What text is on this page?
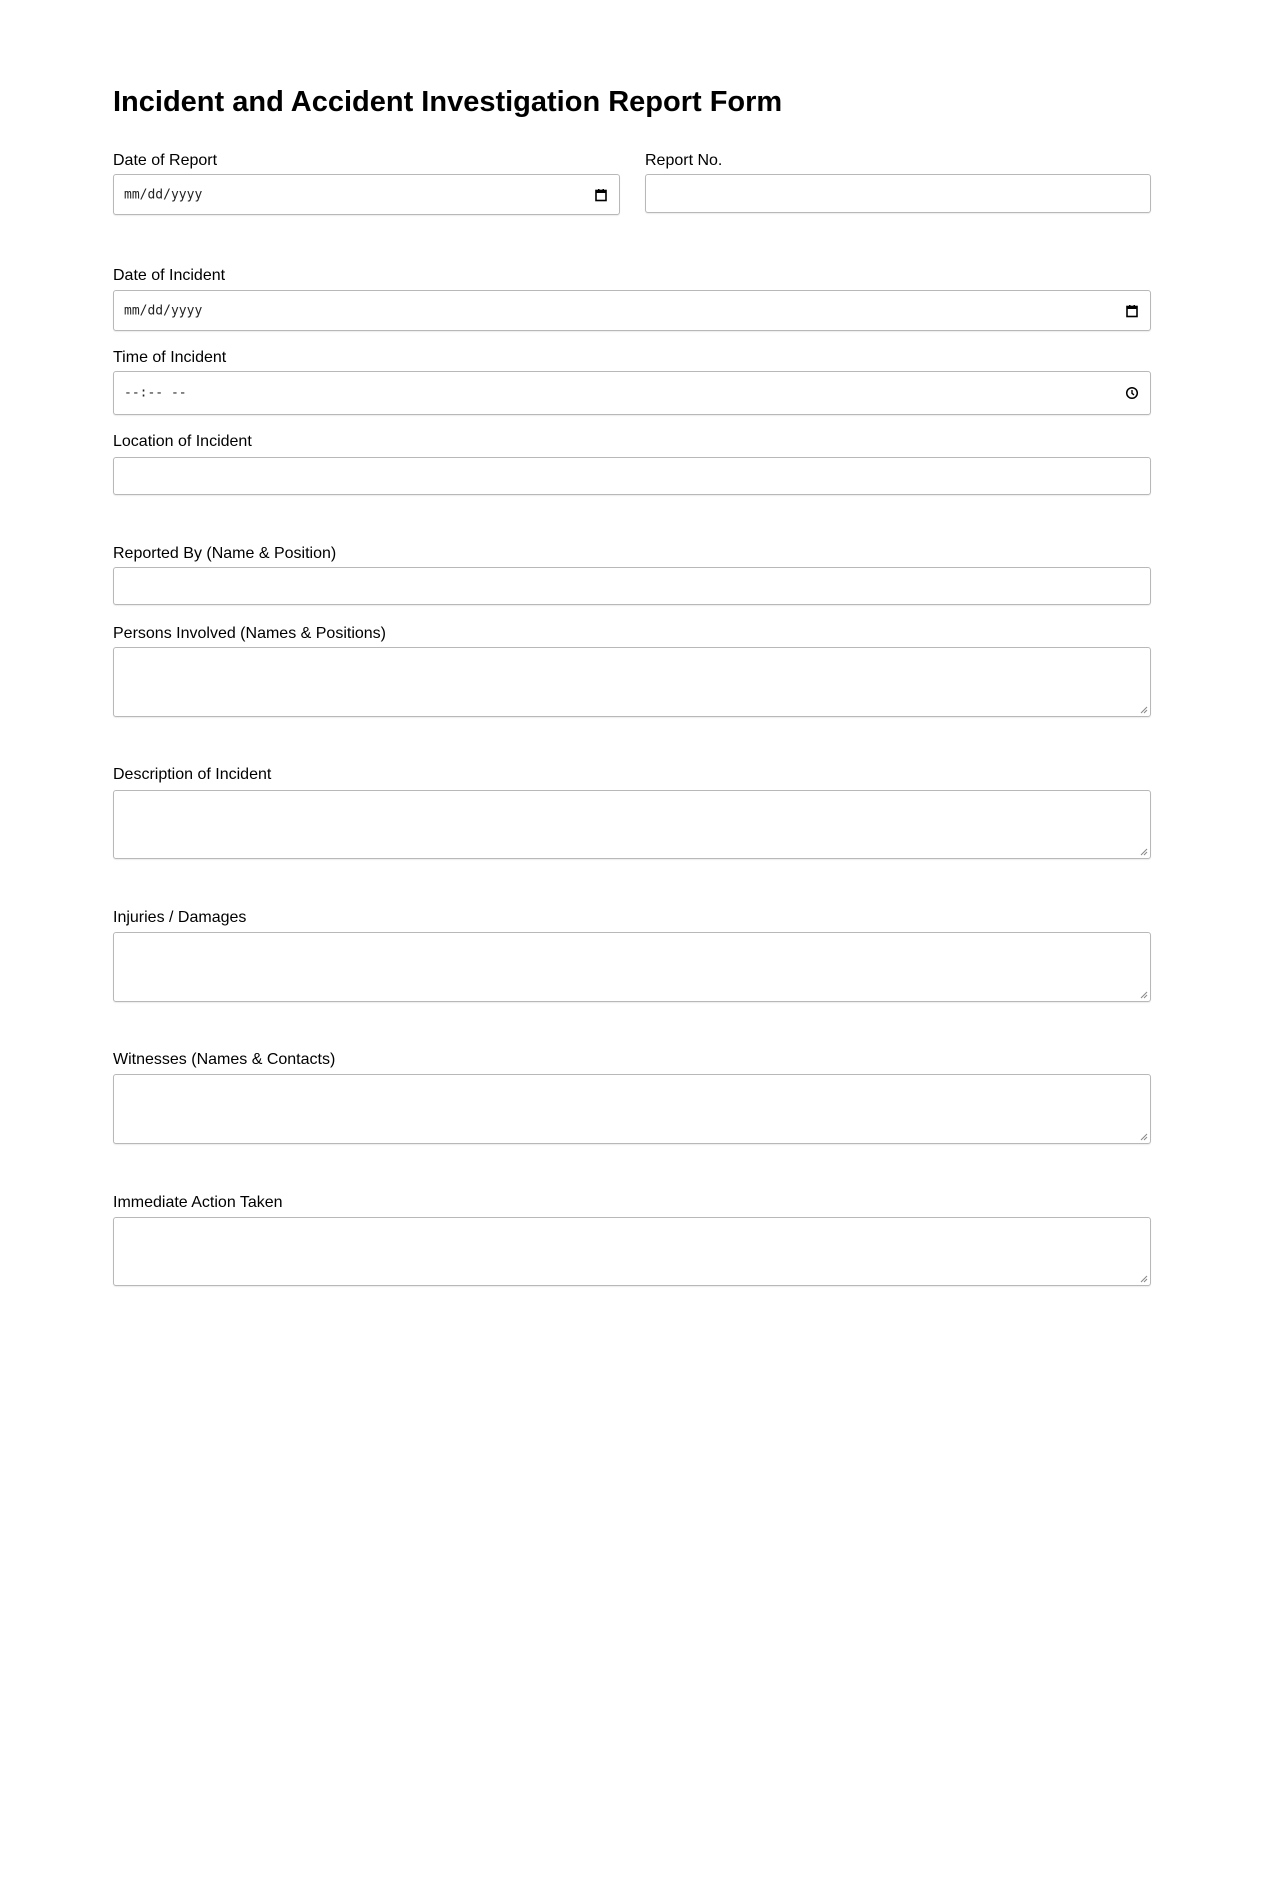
Incident and Accident Investigation Report Form
Date of Report
mm/dd/yyyy
Report No.
Date of Incident
mm/dd/yyyy
Time of Incident
--:-- --
Location of Incident
Reported By (Name & Position)
Persons Involved (Names & Positions)
Description of Incident
Injuries / Damages
Witnesses (Names & Contacts)
Immediate Action Taken
